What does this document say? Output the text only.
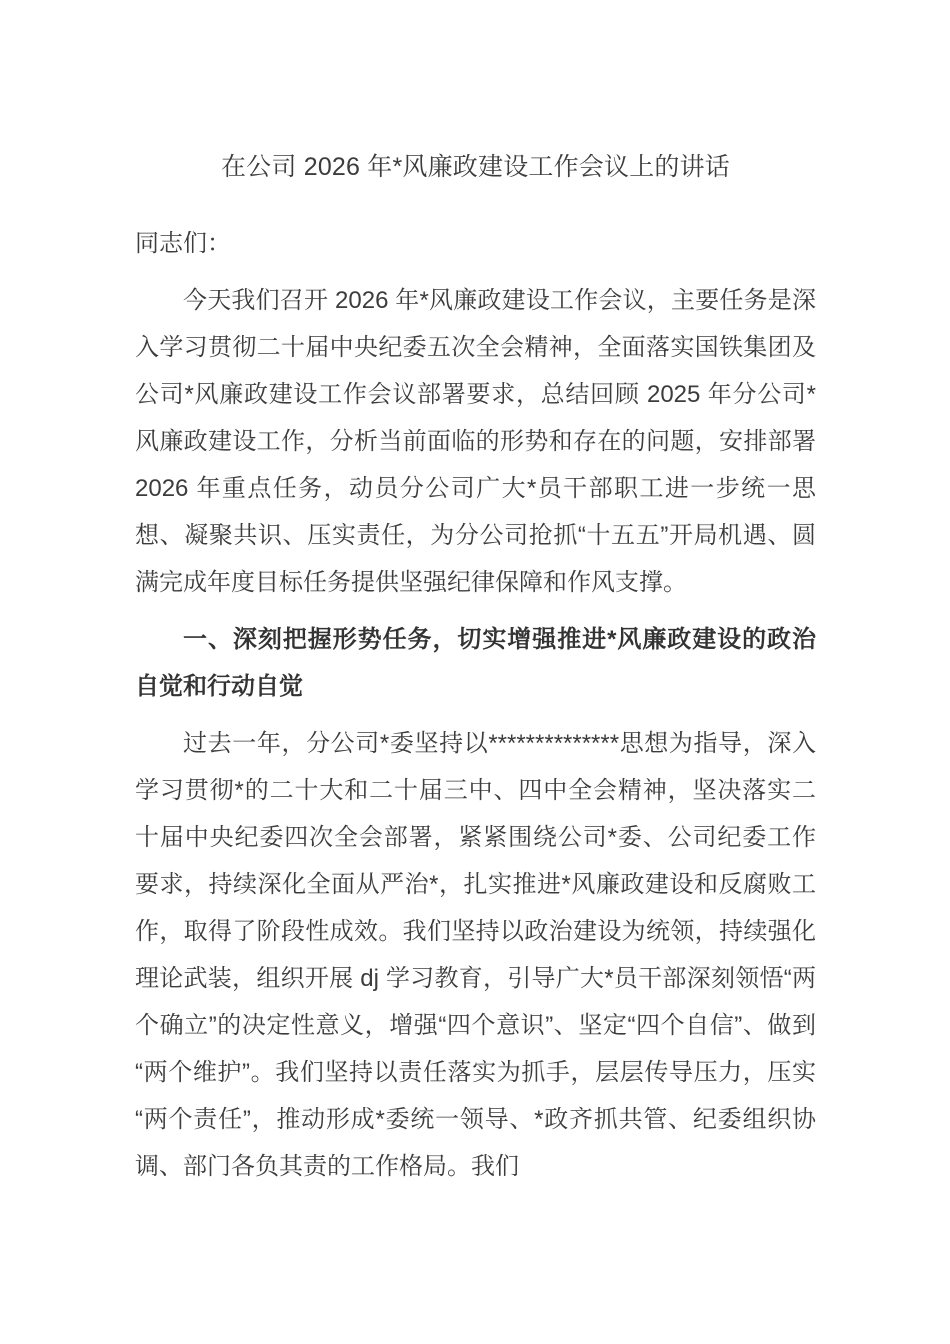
在公司 2026 年*风廉政建设工作会议上的讲话

同志们：

今天我们召开 2026 年*风廉政建设工作会议，主要任务是深入学习贯彻二十届中央纪委五次全会精神，全面落实国铁集团及公司*风廉政建设工作会议部署要求，总结回顾 2025 年分公司*风廉政建设工作，分析当前面临的形势和存在的问题，安排部署 2026 年重点任务，动员分公司广大*员干部职工进一步统一思想、凝聚共识、压实责任，为分公司抢抓“十五五”开局机遇、圆满完成年度目标任务提供坚强纪律保障和作风支撑。

一、深刻把握形势任务，切实增强推进*风廉政建设的政治自觉和行动自觉

过去一年，分公司*委坚持以**************思想为指导，深入学习贯彻*的二十大和二十届三中、四中全会精神，坚决落实二十届中央纪委四次全会部署，紧紧围绕公司*委、公司纪委工作要求，持续深化全面从严治*，扎实推进*风廉政建设和反腐败工作，取得了阶段性成效。我们坚持以政治建设为统领，持续强化理论武装，组织开展 dj 学习教育，引导广大*员干部深刻领悟“两个确立”的决定性意义，增强“四个意识”、坚定“四个自信”、做到“两个维护”。我们坚持以责任落实为抓手，层层传导压力，压实“两个责任”，推动形成*委统一领导、*政齐抓共管、纪委组织协调、部门各负其责的工作格局。我们
